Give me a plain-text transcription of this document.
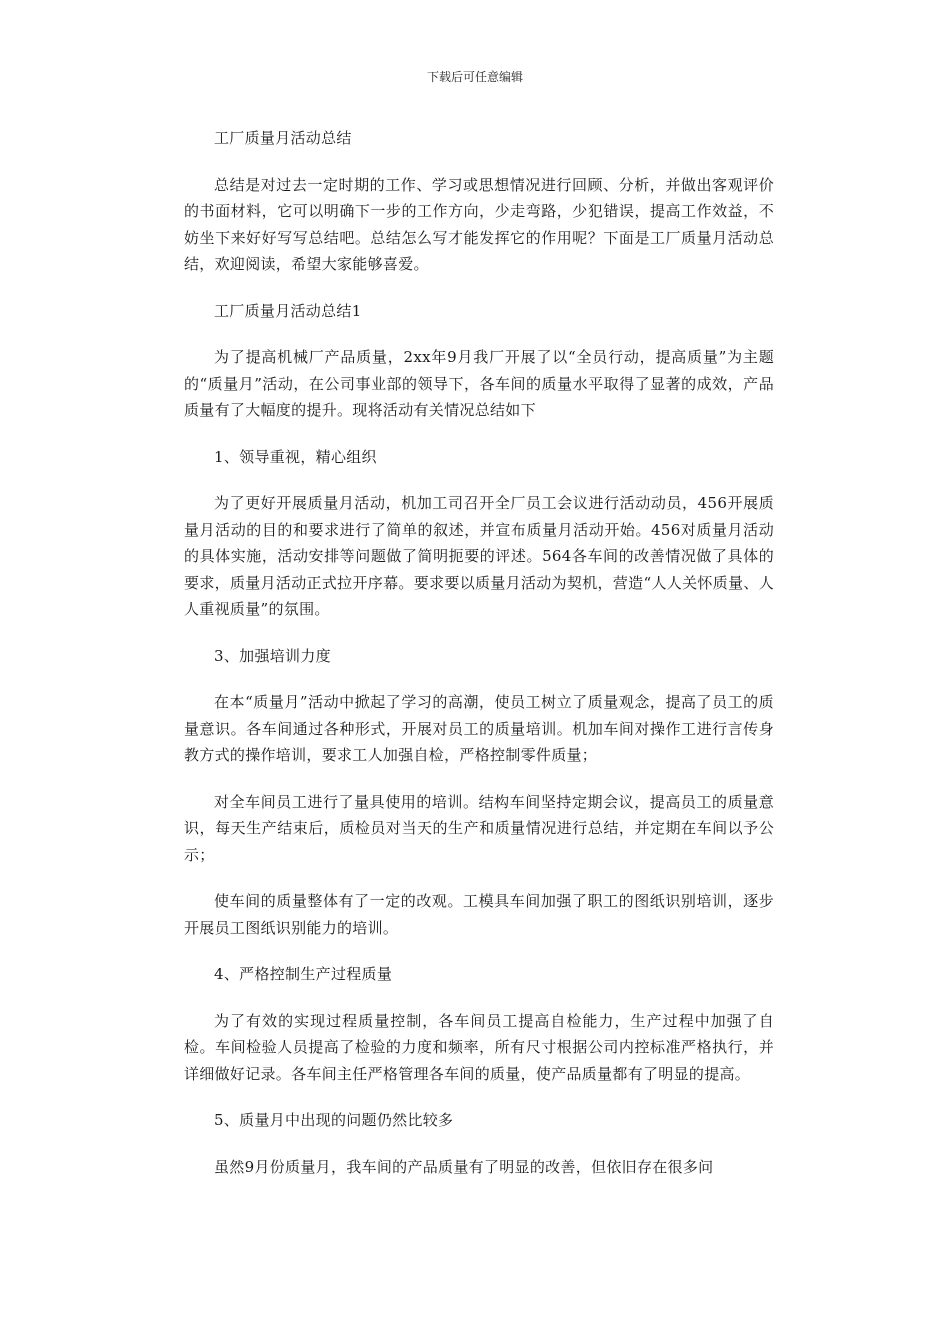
下载后可任意编辑

工厂质量月活动总结

总结是对过去一定时期的工作、学习或思想情况进行回顾、分析，并做出客观评价的书面材料，它可以明确下一步的工作方向，少走弯路，少犯错误，提高工作效益，不妨坐下来好好写写总结吧。总结怎么写才能发挥它的作用呢？下面是工厂质量月活动总结，欢迎阅读，希望大家能够喜爱。

工厂质量月活动总结1

为了提高机械厂产品质量，2xx年9月我厂开展了以“全员行动，提高质量”为主题的“质量月”活动，在公司事业部的领导下，各车间的质量水平取得了显著的成效，产品质量有了大幅度的提升。现将活动有关情况总结如下

1、领导重视，精心组织

为了更好开展质量月活动，机加工司召开全厂员工会议进行活动动员，456开展质量月活动的目的和要求进行了简单的叙述，并宣布质量月活动开始。456对质量月活动的具体实施，活动安排等问题做了简明扼要的评述。564各车间的改善情况做了具体的要求，质量月活动正式拉开序幕。要求要以质量月活动为契机，营造“人人关怀质量、人人重视质量”的氛围。

3、加强培训力度

在本“质量月”活动中掀起了学习的高潮，使员工树立了质量观念，提高了员工的质量意识。各车间通过各种形式，开展对员工的质量培训。机加车间对操作工进行言传身教方式的操作培训，要求工人加强自检，严格控制零件质量；

对全车间员工进行了量具使用的培训。结构车间坚持定期会议，提高员工的质量意识，每天生产结束后，质检员对当天的生产和质量情况进行总结，并定期在车间以予公示；

使车间的质量整体有了一定的改观。工模具车间加强了职工的图纸识别培训，逐步开展员工图纸识别能力的培训。

4、严格控制生产过程质量

为了有效的实现过程质量控制，各车间员工提高自检能力，生产过程中加强了自检。车间检验人员提高了检验的力度和频率，所有尺寸根据公司内控标准严格执行，并详细做好记录。各车间主任严格管理各车间的质量，使产品质量都有了明显的提高。

5、质量月中出现的问题仍然比较多

虽然9月份质量月，我车间的产品质量有了明显的改善，但依旧存在很多问
